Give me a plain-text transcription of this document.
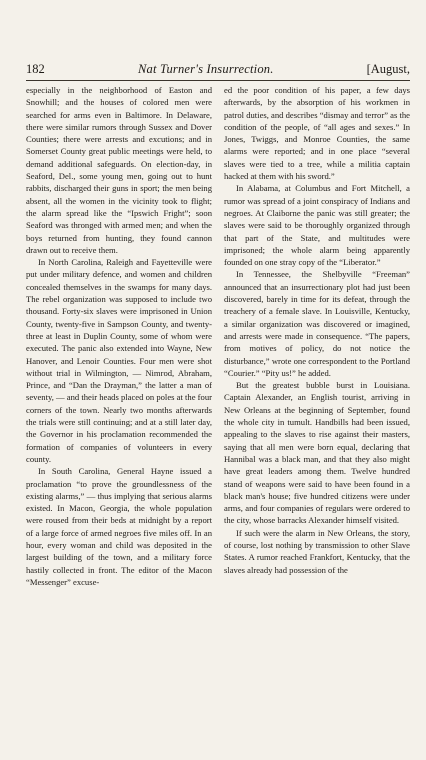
182	Nat Turner's Insurrection.	[August,

especially in the neighborhood of Easton and Snowhill; and the houses of colored men were searched for arms even in Baltimore. In Delaware, there were similar rumors through Sussex and Dover Counties; there were arrests and excutions; and in Somerset County great public meetings were held, to demand additional safeguards. On election-day, in Seaford, Del., some young men, going out to hunt rabbits, discharged their guns in sport; the men being absent, all the women in the vicinity took to flight; the alarm spread like the “Ipswich Fright”; soon Seaford was thronged with armed men; and when the boys returned from hunting, they found cannon drawn out to receive them.

In North Carolina, Raleigh and Fayetteville were put under military defence, and women and children concealed themselves in the swamps for many days. The rebel organization was supposed to include two thousand. Forty-six slaves were imprisoned in Union County, twenty-five in Sampson County, and twenty-three at least in Duplin County, some of whom were executed. The panic also extended into Wayne, New Hanover, and Lenoir Counties. Four men were shot without trial in Wilmington, — Nimrod, Abraham, Prince, and “Dan the Drayman,” the latter a man of seventy, — and their heads placed on poles at the four corners of the town. Nearly two months afterwards the trials were still continuing; and at a still later day, the Governor in his proclamation recommended the formation of companies of volunteers in every county.

In South Carolina, General Hayne issued a proclamation “to prove the groundlessness of the existing alarms,” — thus implying that serious alarms existed. In Macon, Georgia, the whole population were roused from their beds at midnight by a report of a large force of armed negroes five miles off. In an hour, every woman and child was deposited in the largest building of the town, and a military force hastily collected in front. The editor of the Macon “Messenger” excuse-

ed the poor condition of his paper, a few days afterwards, by the absorption of his workmen in patrol duties, and describes “dismay and terror” as the condition of the people, of “all ages and sexes.” In Jones, Twiggs, and Monroe Counties, the same alarms were reported; and in one place “several slaves were tied to a tree, while a militia captain hacked at them with his sword.”

In Alabama, at Columbus and Fort Mitchell, a rumor was spread of a joint conspiracy of Indians and negroes. At Claiborne the panic was still greater; the slaves were said to be thoroughly organized through that part of the State, and multitudes were imprisoned; the whole alarm being apparently founded on one stray copy of the “Liberator.”

In Tennessee, the Shelbyville “Freeman” announced that an insurrectionary plot had just been discovered, barely in time for its defeat, through the treachery of a female slave. In Louisville, Kentucky, a similar organization was discovered or imagined, and arrests were made in consequence. “The papers, from motives of policy, do not notice the disturbance,” wrote one correspondent to the Portland “Courier.” “Pity us!” he added.

But the greatest bubble burst in Louisiana. Captain Alexander, an English tourist, arriving in New Orleans at the beginning of September, found the whole city in tumult. Handbills had been issued, appealing to the slaves to rise against their masters, saying that all men were born equal, declaring that Hannibal was a black man, and that they also might have great leaders among them. Twelve hundred stand of weapons were said to have been found in a black man's house; five hundred citizens were under arms, and four companies of regulars were ordered to the city, whose barracks Alexander himself visited.

If such were the alarm in New Orleans, the story, of course, lost nothing by transmission to other Slave States. A rumor reached Frankfort, Kentucky, that the slaves already had possession of the
